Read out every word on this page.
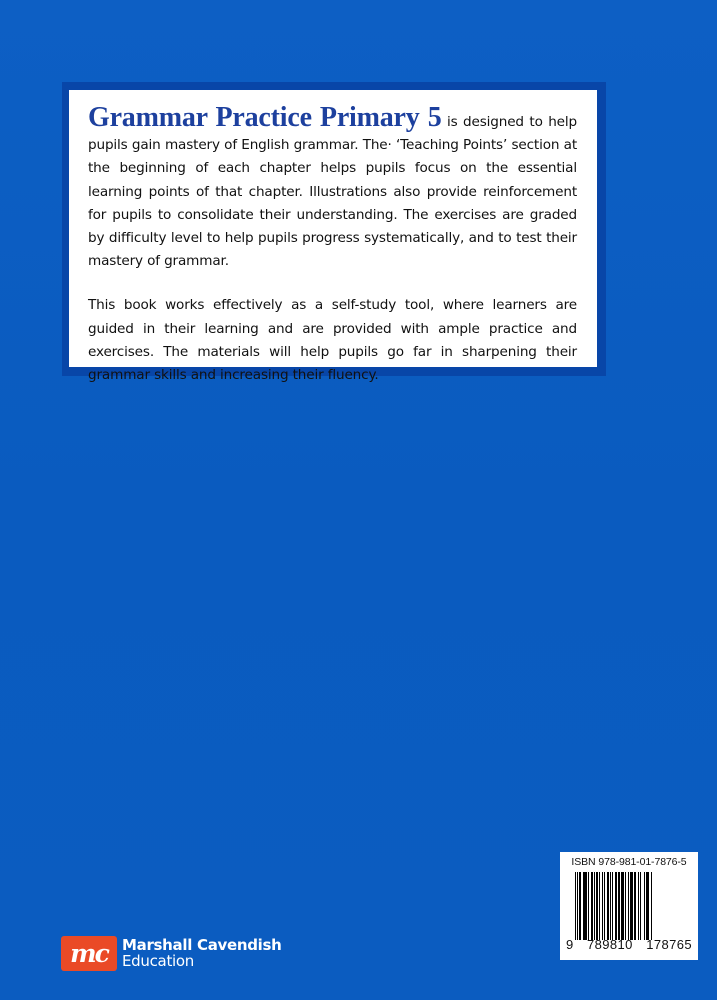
Grammar Practice Primary 5 is designed to help pupils gain mastery of English grammar. The· ‘Teaching Points’ section at the beginning of each chapter helps pupils focus on the essential learning points of that chapter. Illustrations also provide reinforcement for pupils to consolidate their understanding. The exercises are graded by difficulty level to help pupils progress systematically, and to test their mastery of grammar.

This book works effectively as a self-study tool, where learners are guided in their learning and are provided with ample practice and exercises. The materials will help pupils go far in sharpening their grammar skills and increasing their fluency.

mc Marshall Cavendish
Education
ISBN 978-981-01-7876-5
9 789810 178765
